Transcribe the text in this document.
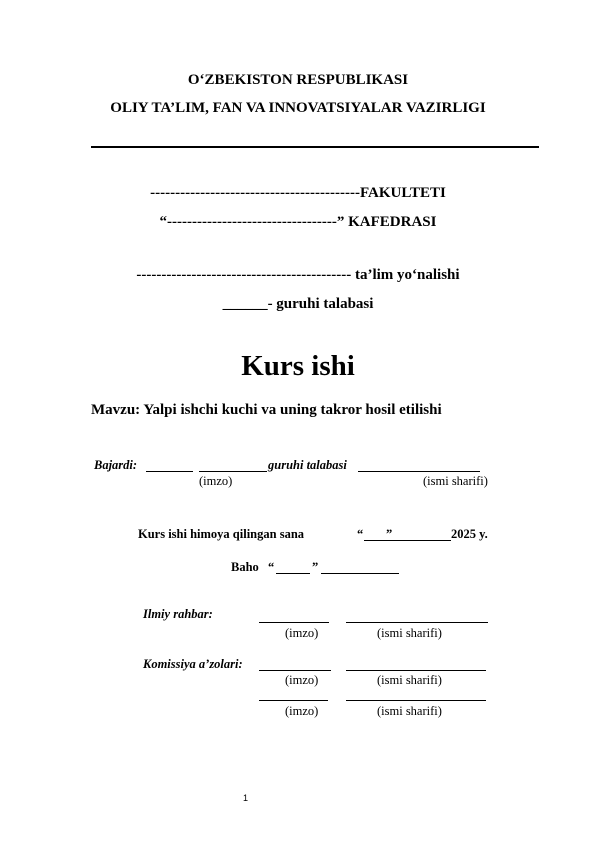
O‘ZBEKISTON RESPUBLIKASI
OLIY TA’LIM, FAN VA INNOVATSIYALAR VAZIRLIGI
------------------------------------------FAKULTETI
“----------------------------------” KAFEDRASI
------------------------------------------- ta’lim yo‘nalishi
______- guruhi talabasi
Kurs ishi
Mavzu: Yalpi ishchi kuchi va uning takror hosil etilishi
Bajardi:	guruhi talabasi
(imzo)	(ismi sharifi)
Kurs ishi himoya qilingan sana	“ ”	2025 y.
Baho “	”
Ilmiy rahbar:
(imzo)	(ismi sharifi)
Komissiya a’zolari:
(imzo)	(ismi sharifi)
(imzo)	(ismi sharifi)
1
